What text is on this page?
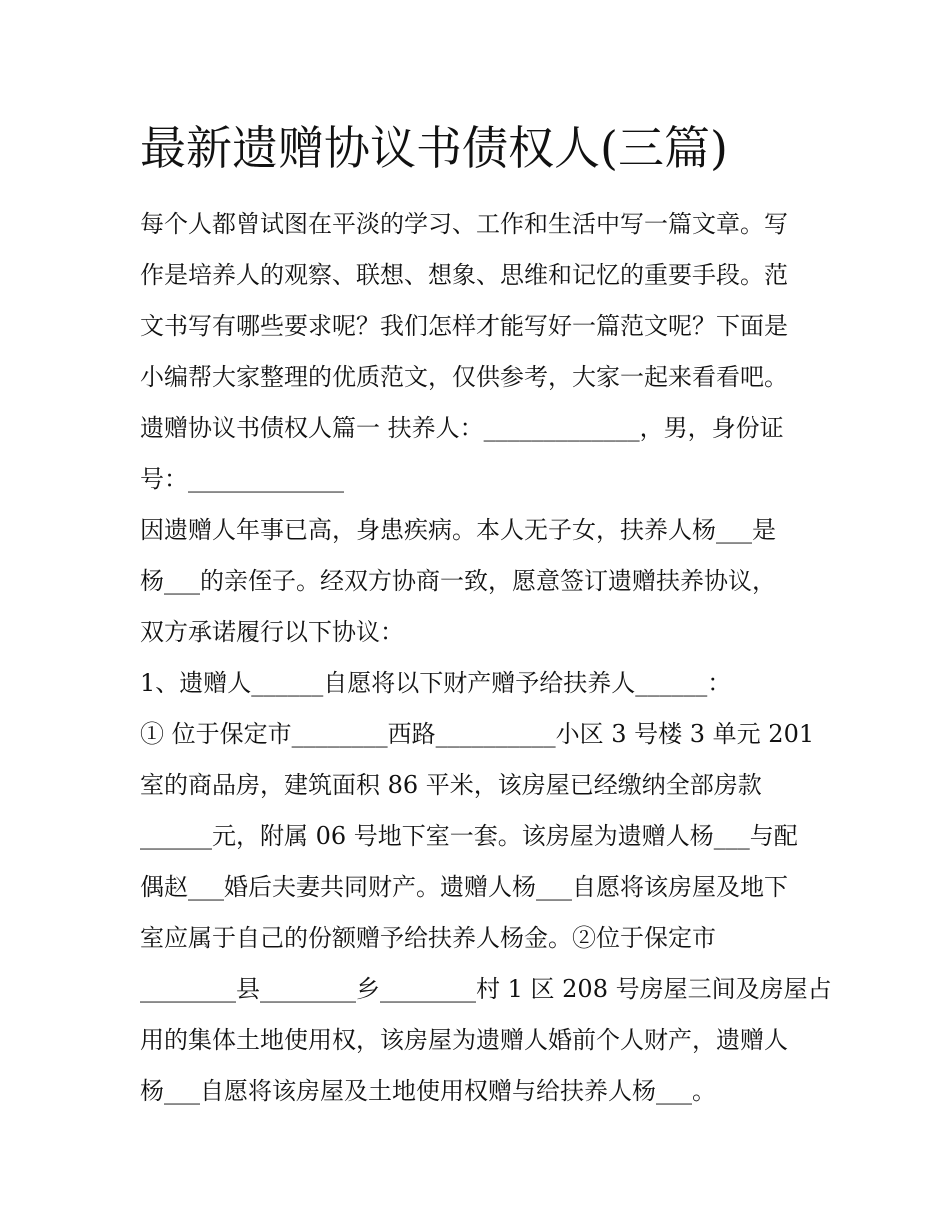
最新遗赠协议书债权人(三篇)

每个人都曾试图在平淡的学习、工作和生活中写一篇文章。写

作是培养人的观察、联想、想象、思维和记忆的重要手段。范

文书写有哪些要求呢？我们怎样才能写好一篇范文呢？下面是

小编帮大家整理的优质范文，仅供参考，大家一起来看看吧。

遗赠协议书债权人篇一 扶养人：_____________，男，身份证

号：_____________

因遗赠人年事已高，身患疾病。本人无子女，扶养人杨___是

杨___的亲侄子。经双方协商一致，愿意签订遗赠扶养协议，

双方承诺履行以下协议：

1、遗赠人______自愿将以下财产赠予给扶养人______：

① 位于保定市________西路__________小区 3 号楼 3 单元 201

室的商品房，建筑面积 86 平米，该房屋已经缴纳全部房款

______元，附属 06 号地下室一套。该房屋为遗赠人杨___与配

偶赵___婚后夫妻共同财产。遗赠人杨___自愿将该房屋及地下

室应属于自己的份额赠予给扶养人杨金。②位于保定市

________县________乡________村 1 区 208 号房屋三间及房屋占

用的集体土地使用权，该房屋为遗赠人婚前个人财产，遗赠人

杨___自愿将该房屋及土地使用权赠与给扶养人杨___。
